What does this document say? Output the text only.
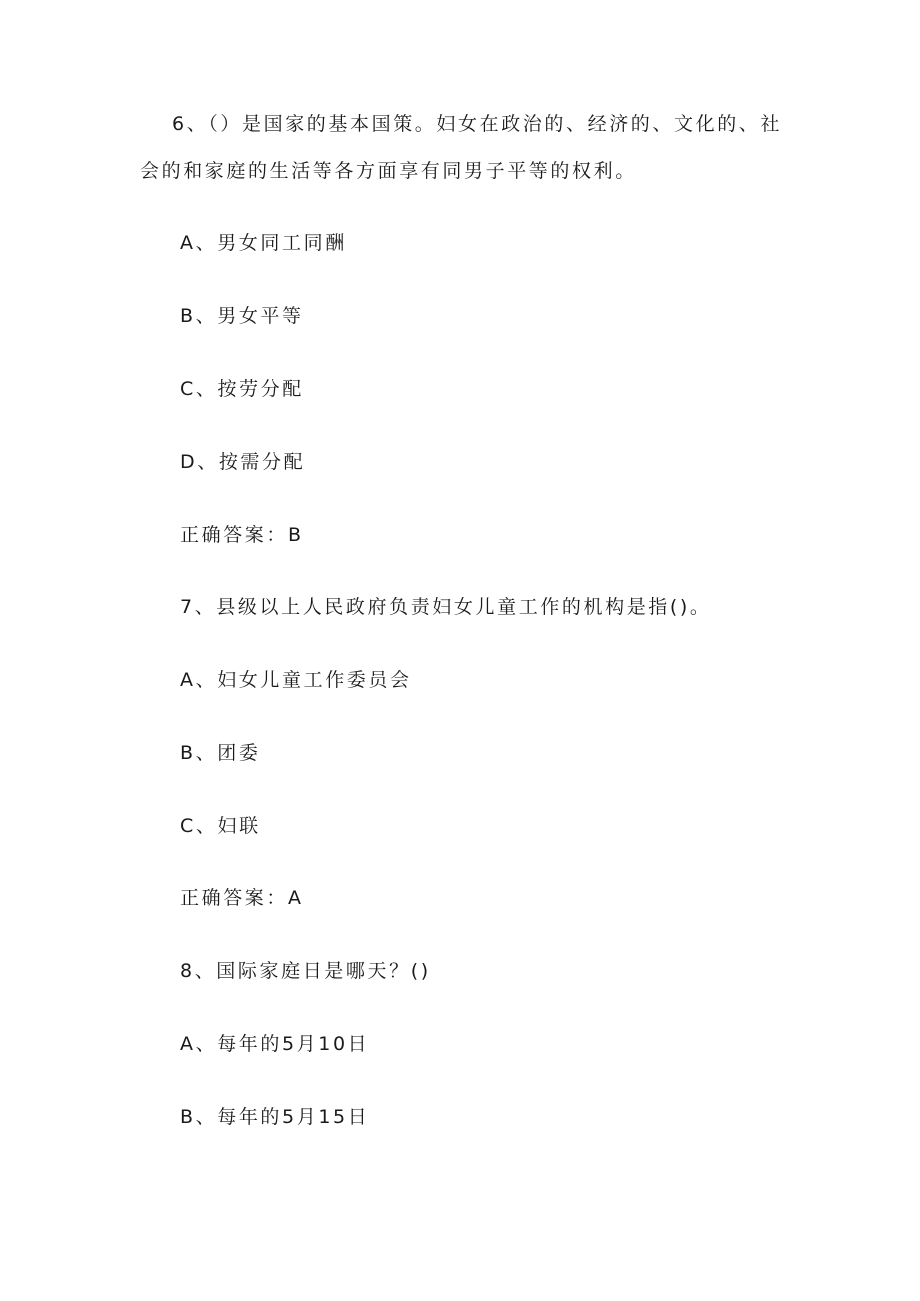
6、（）是国家的基本国策。妇女在政治的、经济的、文化的、社
会的和家庭的生活等各方面享有同男子平等的权利。
A、男女同工同酬
B、男女平等
C、按劳分配
D、按需分配
正确答案：B
7、县级以上人民政府负责妇女儿童工作的机构是指()。
A、妇女儿童工作委员会
B、团委
C、妇联
正确答案：A
8、国际家庭日是哪天？()
A、每年的5月10日
B、每年的5月15日
